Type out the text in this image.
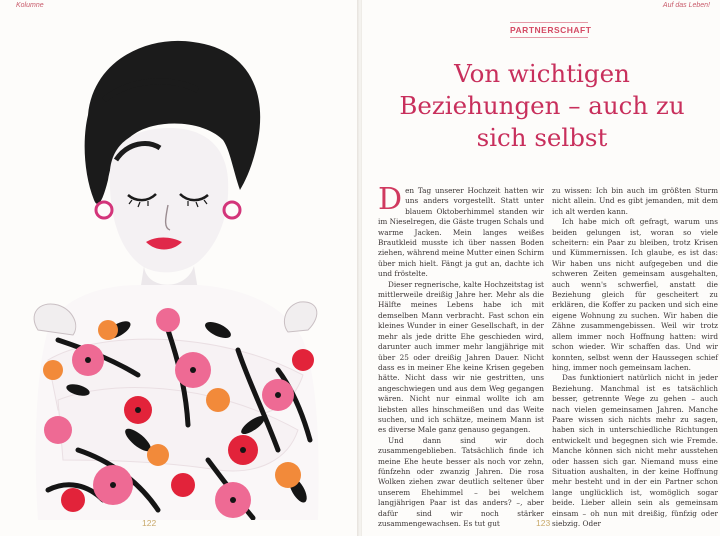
Kolumne
122
Auf das Leben!
PARTNERSCHAFT
Von wichtigen Beziehungen – auch zu sich selbst

Den Tag unserer Hochzeit hatten wir uns anders vorgestellt. Statt unter blauem Oktoberhimmel standen wir im Nieselregen, die Gäste trugen Schals und warme Jacken. Mein langes weißes Brautkleid musste ich über nassen Boden ziehen, während meine Mutter einen Schirm über mich hielt. Fängt ja gut an, dachte ich und fröstelte.

Dieser regnerische, kalte Hochzeitstag ist mittlerweile dreißig Jahre her. Mehr als die Hälfte meines Lebens habe ich mit demselben Mann verbracht. Fast schon ein kleines Wunder in einer Gesellschaft, in der mehr als jede dritte Ehe geschieden wird, darunter auch immer mehr langjährige mit über 25 oder dreißig Jahren Dauer. Nicht dass es in meiner Ehe keine Krisen gegeben hätte. Nicht dass wir nie gestritten, uns angeschwiegen und aus dem Weg gegangen wären. Nicht nur einmal wollte ich am liebsten alles hinschmeißen und das Weite suchen, und ich schätze, meinem Mann ist es diverse Male ganz genauso gegangen.

Und dann sind wir doch zusammengeblieben. Tatsächlich finde ich meine Ehe heute besser als noch vor zehn, fünfzehn oder zwanzig Jahren. Die rosa Wolken ziehen zwar deutlich seltener über unserem Ehehimmel – bei welchem langjährigen Paar ist das anders? –, aber dafür sind wir noch stärker zusammengewachsen. Es tut gut

zu wissen: Ich bin auch im größten Sturm nicht allein. Und es gibt jemanden, mit dem ich alt werden kann.

Ich habe mich oft gefragt, warum uns beiden gelungen ist, woran so viele scheitern: ein Paar zu bleiben, trotz Krisen und Kümmernissen. Ich glaube, es ist das: Wir haben uns nicht aufgegeben und die schweren Zeiten gemeinsam ausgehalten, auch wenn's schwerfiel, anstatt die Beziehung gleich für gescheitert zu erklären, die Koffer zu packen und sich eine eigene Wohnung zu suchen. Wir haben die Zähne zusammengebissen. Weil wir trotz allem immer noch Hoffnung hatten: wird schon wieder. Wir schaffen das. Und wir konnten, selbst wenn der Haussegen schief hing, immer noch gemeinsam lachen.

Das funktioniert natürlich nicht in jeder Beziehung. Manchmal ist es tatsächlich besser, getrennte Wege zu gehen – auch nach vielen gemeinsamen Jahren. Manche Paare wissen sich nichts mehr zu sagen, haben sich in unterschiedliche Richtungen entwickelt und begegnen sich wie Fremde. Manche können sich nicht mehr ausstehen oder hassen sich gar. Niemand muss eine Situation aushalten, in der keine Hoffnung mehr besteht und in der ein Partner schon lange unglücklich ist, womöglich sogar beide. Lieber allein sein als gemeinsam einsam – oh nun mit dreißig, fünfzig oder siebzig. Oder

123
